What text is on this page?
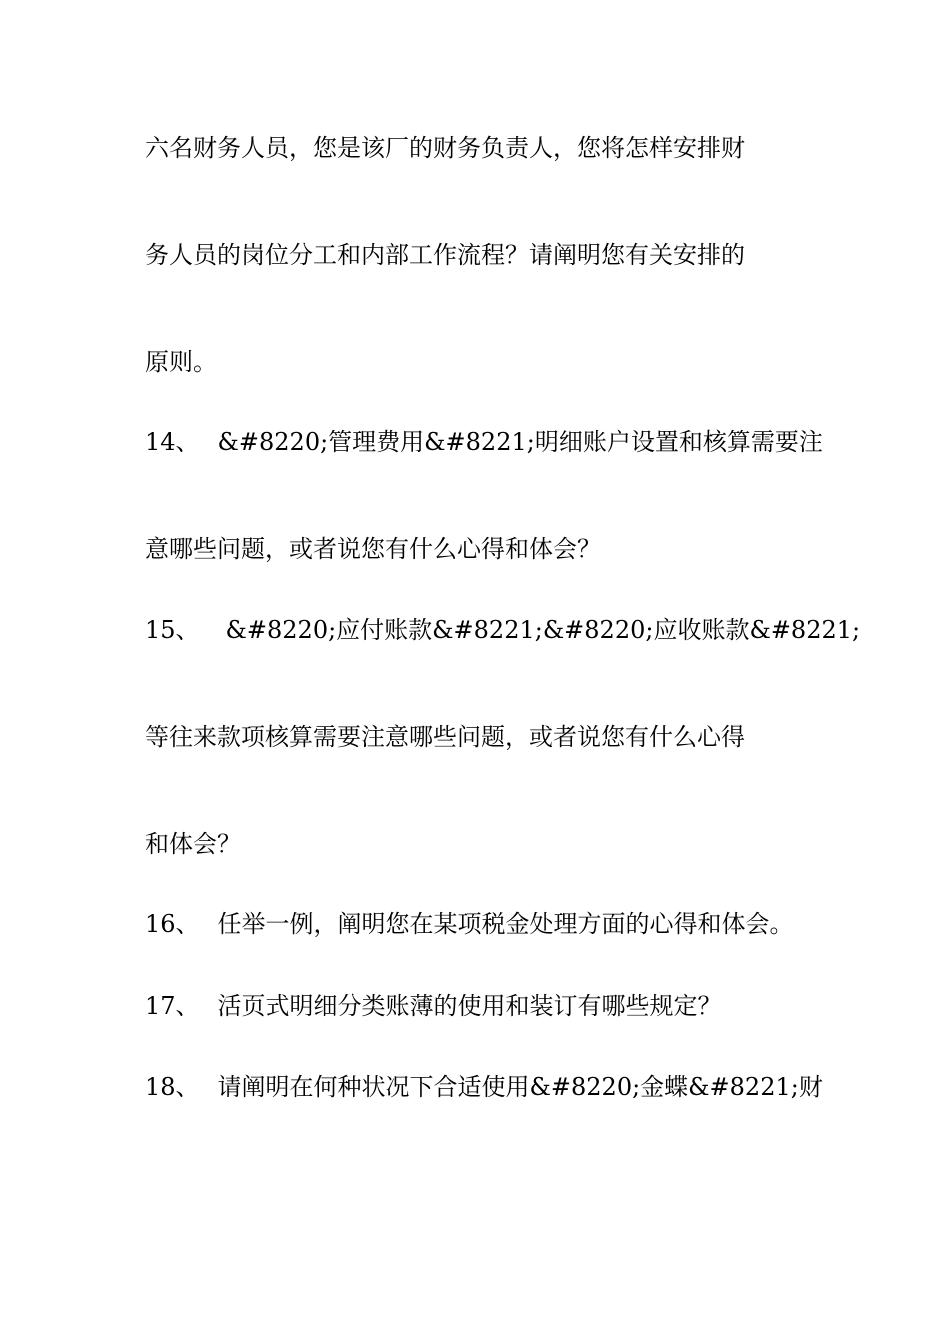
六名财务人员，您是该厂的财务负责人，您将怎样安排财
务人员的岗位分工和内部工作流程？请阐明您有关安排的
原则。
14、 &#8220;管理费用&#8221;明细账户设置和核算需要注
意哪些问题，或者说您有什么心得和体会？
15、 &#8220;应付账款&#8221;&#8220;应收账款&#8221;
等往来款项核算需要注意哪些问题，或者说您有什么心得
和体会？
16、 任举一例，阐明您在某项税金处理方面的心得和体会。
17、 活页式明细分类账薄的使用和装订有哪些规定？
18、 请阐明在何种状况下合适使用&#8220;金蝶&#8221;财
